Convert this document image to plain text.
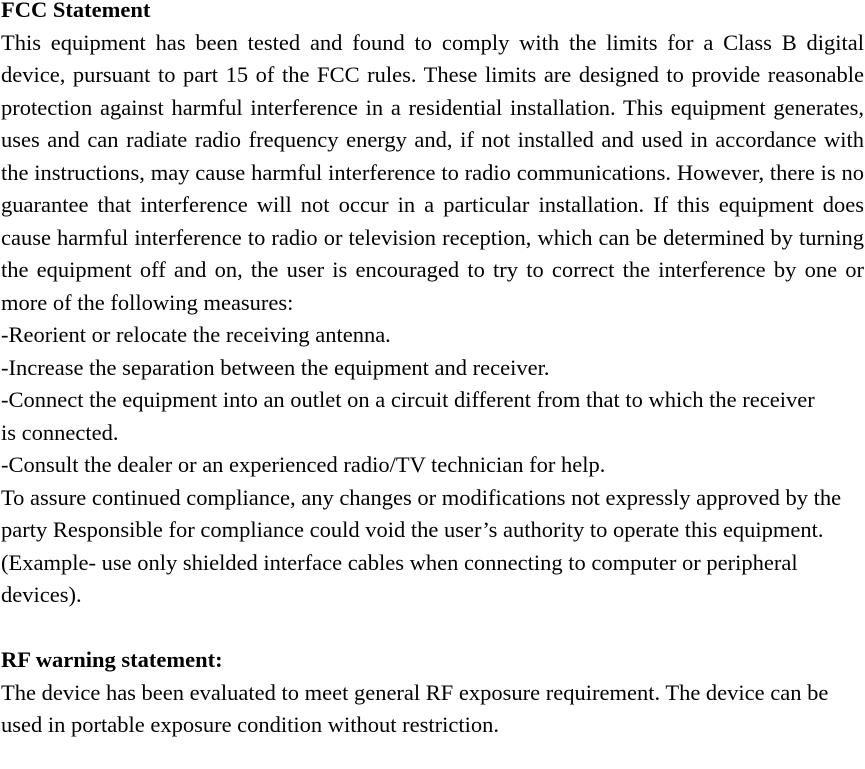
FCC Statement

This equipment has been tested and found to comply with the limits for a Class B digital device, pursuant to part 15 of the FCC rules. These limits are designed to provide reasonable protection against harmful interference in a residential installation. This equipment generates, uses and can radiate radio frequency energy and, if not installed and used in accordance with the instructions, may cause harmful interference to radio communications. However, there is no guarantee that interference will not occur in a particular installation. If this equipment does cause harmful interference to radio or television reception, which can be determined by turning the equipment off and on, the user is encouraged to try to correct the interference by one or more of the following measures:

-Reorient or relocate the receiving antenna.

-Increase the separation between the equipment and receiver.

-Connect the equipment into an outlet on a circuit different from that to which the receiver is connected.

-Consult the dealer or an experienced radio/TV technician for help.

To assure continued compliance, any changes or modifications not expressly approved by the party Responsible for compliance could void the user’s authority to operate this equipment. (Example- use only shielded interface cables when connecting to computer or peripheral devices).

RF warning statement:

The device has been evaluated to meet general RF exposure requirement. The device can be used in portable exposure condition without restriction.
